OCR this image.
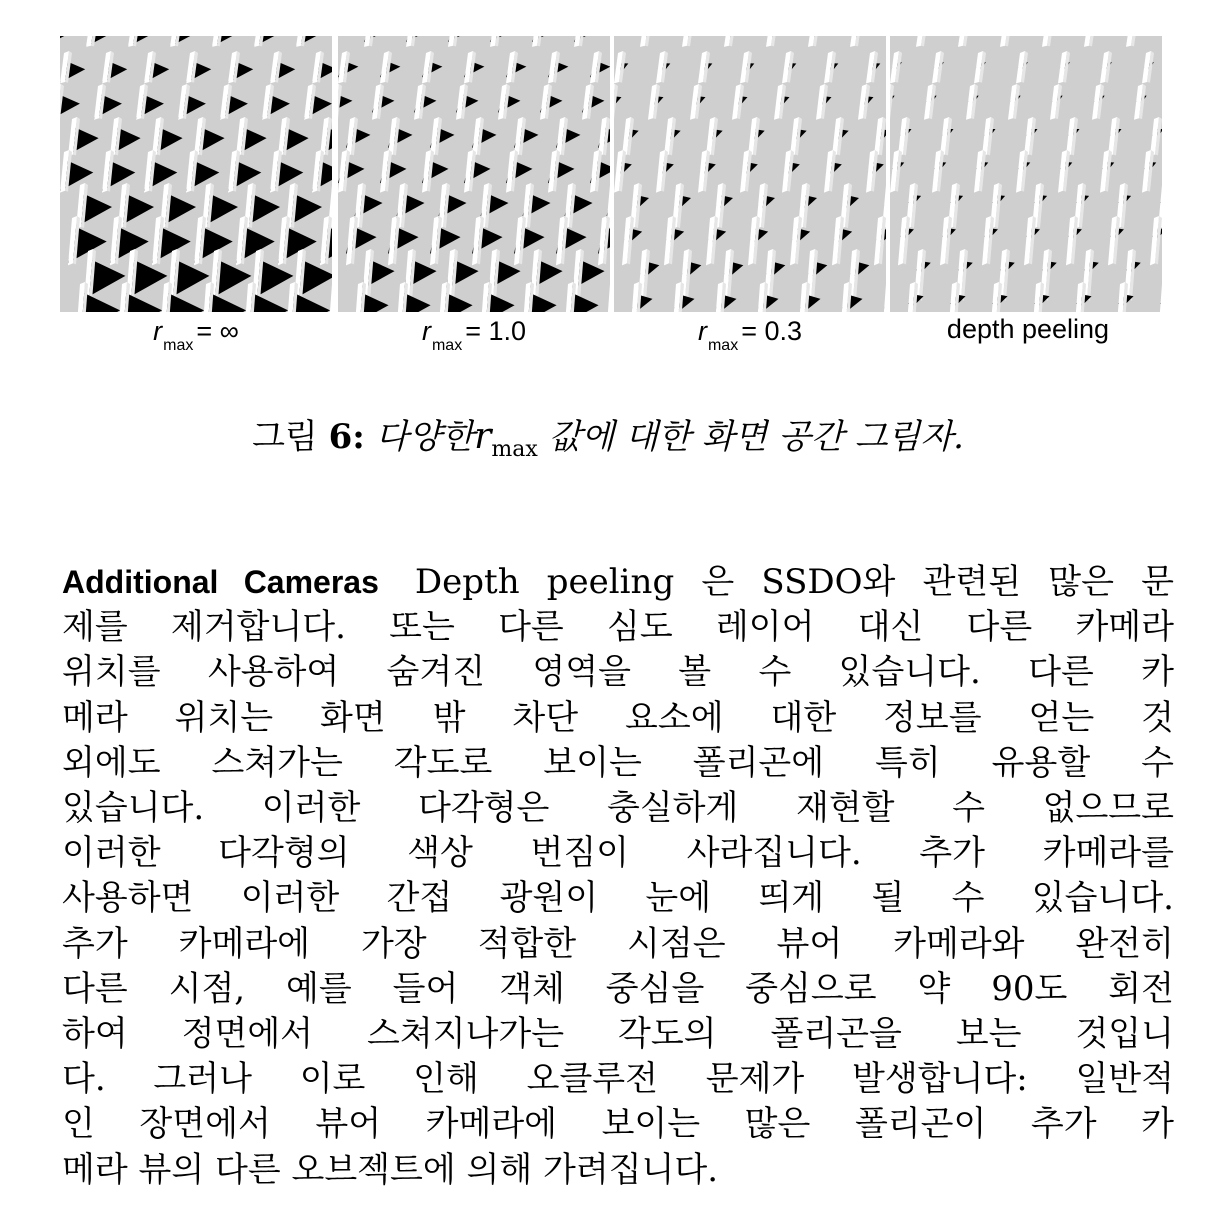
$r_{max}$ = ∞	$r_{max} = 1.0$	$r_{max} = 0.3$	depth peeling
그림 6: 다양한$r_{max}$ 값에 대한 화면 공간 그림자.
Additional Cameras Depth peeling 은 SSDO와 관련된 많은 문
제를 제거합니다. 또는 다른 심도 레이어 대신 다른 카메라
위치를 사용하여 숨겨진 영역을 볼 수 있습니다. 다른 카
메라 위치는 화면 밖 차단 요소에 대한 정보를 얻는 것
외에도 스쳐가는 각도로 보이는 폴리곤에 특히 유용할 수
있습니다. 이러한 다각형은 충실하게 재현할 수 없으므로
이러한 다각형의 색상 번짐이 사라집니다. 추가 카메라를
사용하면 이러한 간접 광원이 눈에 띄게 될 수 있습니다.
추가 카메라에 가장 적합한 시점은 뷰어 카메라와 완전히
다른 시점, 예를 들어 객체 중심을 중심으로 약 90도 회전
하여 정면에서 스쳐지나가는 각도의 폴리곤을 보는 것입니
다. 그러나 이로 인해 오클루전 문제가 발생합니다: 일반적
인 장면에서 뷰어 카메라에 보이는 많은 폴리곤이 추가 카
메라 뷰의 다른 오브젝트에 의해 가려집니다.
